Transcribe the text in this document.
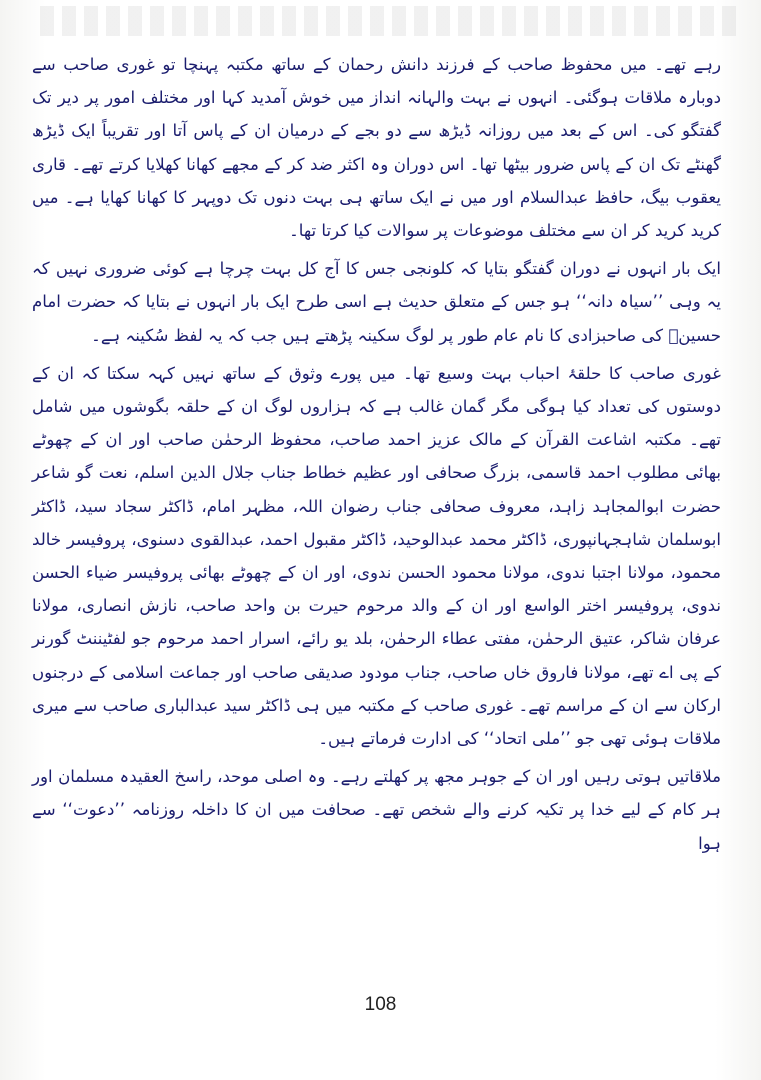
رہے تھے۔ میں محفوظ صاحب کے فرزند دانش رحمان کے ساتھ مکتبہ پہنچا تو غوری صاحب سے دوبارہ ملاقات ہوگئی۔ انہوں نے بہت والہانہ انداز میں خوش آمدید کہا اور مختلف امور پر دیر تک گفتگو کی۔ اس کے بعد میں روزانہ ڈیڑھ سے دو بجے کے درمیان ان کے پاس آتا اور تقریباً ایک ڈیڑھ گھنٹے تک ان کے پاس ضرور بیٹھا تھا۔ اس دوران وہ اکثر ضد کر کے مجھے کھانا کھلایا کرتے تھے۔ قاری یعقوب بیگ، حافظ عبدالسلام اور میں نے ایک ساتھ ہی بہت دنوں تک دوپہر کا کھانا کھایا ہے۔ میں کرید کرید کر ان سے مختلف موضوعات پر سوالات کیا کرتا تھا۔

ایک بار انہوں نے دوران گفتگو بتایا کہ کلونجی جس کا آج کل بہت چرچا ہے کوئی ضروری نہیں کہ یہ وہی ’’سیاہ دانہ‘‘ ہو جس کے متعلق حدیث ہے اسی طرح ایک بار انہوں نے بتایا کہ حضرت امام حسینؓ کی صاحبزادی کا نام عام طور پر لوگ سکینہ پڑھتے ہیں جب کہ یہ لفظ سُکینہ ہے۔

غوری صاحب کا حلقۂ احباب بہت وسیع تھا۔ میں پورے وثوق کے ساتھ نہیں کہہ سکتا کہ ان کے دوستوں کی تعداد کیا ہوگی مگر گمان غالب ہے کہ ہزاروں لوگ ان کے حلقہ بگوشوں میں شامل تھے۔ مکتبہ اشاعت القرآن کے مالک عزیز احمد صاحب، محفوظ الرحمٰن صاحب اور ان کے چھوٹے بھائی مطلوب احمد قاسمی، بزرگ صحافی اور عظیم خطاط جناب جلال الدین اسلم، نعت گو شاعر حضرت ابوالمجاہد زاہد، معروف صحافی جناب رضوان اللہ، مظہر امام، ڈاکٹر سجاد سید، ڈاکٹر ابوسلمان شاہجہانپوری، ڈاکٹر محمد عبدالوحید، ڈاکٹر مقبول احمد، عبدالقوی دسنوی، پروفیسر خالد محمود، مولانا اجتبا ندوی، مولانا محمود الحسن ندوی، اور ان کے چھوٹے بھائی پروفیسر ضیاء الحسن ندوی، پروفیسر اختر الواسع اور ان کے والد مرحوم حیرت بن واحد صاحب، نازش انصاری، مولانا عرفان شاکر، عتیق الرحمٰن، مفتی عطاء الرحمٰن، بلد یو رائے، اسرار احمد مرحوم جو لفٹیننٹ گورنر کے پی اے تھے، مولانا فاروق خاں صاحب، جناب مودود صدیقی صاحب اور جماعت اسلامی کے درجنوں ارکان سے ان کے مراسم تھے۔ غوری صاحب کے مکتبہ میں ہی ڈاکٹر سید عبدالباری صاحب سے میری ملاقات ہوئی تھی جو ’’ملی اتحاد‘‘ کی ادارت فرماتے ہیں۔

ملاقاتیں ہوتی رہیں اور ان کے جوہر مجھ پر کھلتے رہے۔ وہ اصلی موحد، راسخ العقیدہ مسلمان اور ہر کام کے لیے خدا پر تکیہ کرنے والے شخص تھے۔ صحافت میں ان کا داخلہ روزنامہ ’’دعوت‘‘ سے ہوا

108
